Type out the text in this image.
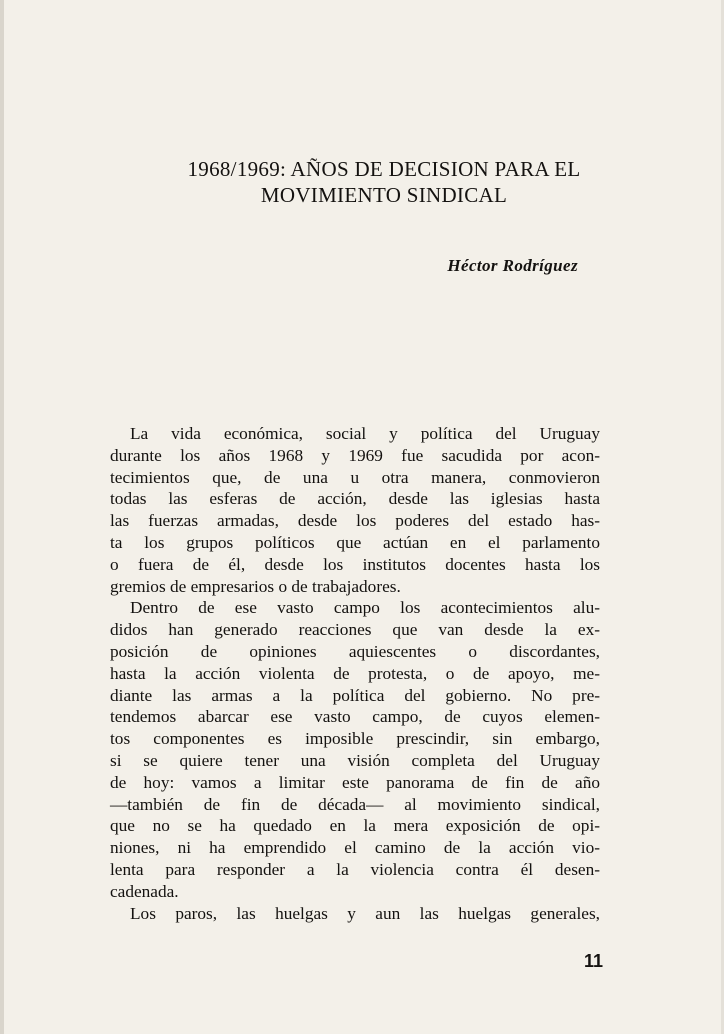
1968/1969: AÑOS DE DECISION PARA EL
MOVIMIENTO SINDICAL
Héctor Rodríguez
La vida económica, social y política del Uruguay
durante los años 1968 y 1969 fue sacudida por acon-
tecimientos que, de una u otra manera, conmovieron
todas las esferas de acción, desde las iglesias hasta
las fuerzas armadas, desde los poderes del estado has-
ta los grupos políticos que actúan en el parlamento
o fuera de él, desde los institutos docentes hasta los
gremios de empresarios o de trabajadores.
Dentro de ese vasto campo los acontecimientos alu-
didos han generado reacciones que van desde la ex-
posición de opiniones aquiescentes o discordantes,
hasta la acción violenta de protesta, o de apoyo, me-
diante las armas a la política del gobierno. No pre-
tendemos abarcar ese vasto campo, de cuyos elemen-
tos componentes es imposible prescindir, sin embargo,
si se quiere tener una visión completa del Uruguay
de hoy: vamos a limitar este panorama de fin de año
—también de fin de década— al movimiento sindical,
que no se ha quedado en la mera exposición de opi-
niones, ni ha emprendido el camino de la acción vio-
lenta para responder a la violencia contra él desen-
cadenada.
Los paros, las huelgas y aun las huelgas generales,
11
